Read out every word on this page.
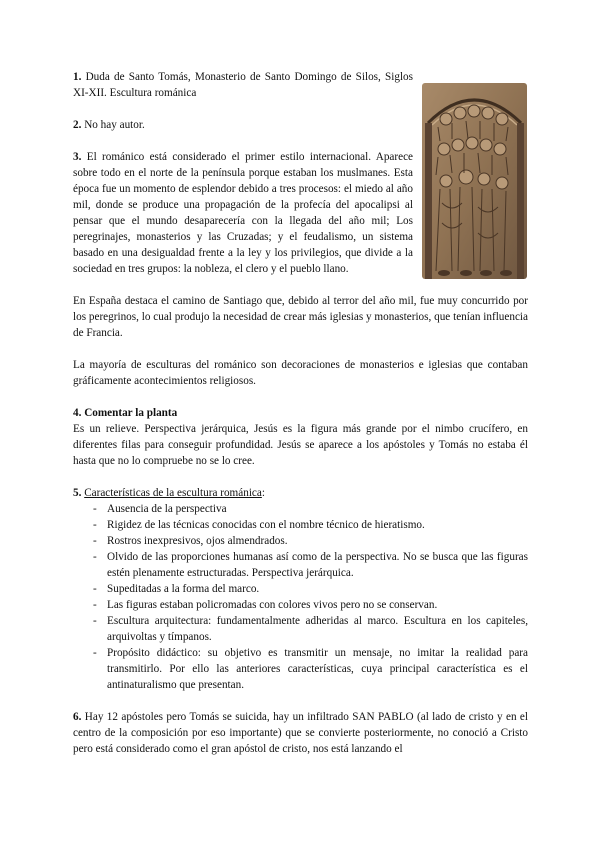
1. Duda de Santo Tomás, Monasterio de Santo Domingo de Silos, Siglos XI-XII. Escultura románica

2. No hay autor.

3. El románico está considerado el primer estilo internacional. Aparece sobre todo en el norte de la península porque estaban los muslmanes. Esta época fue un momento de esplendor debido a tres procesos: el miedo al año mil, donde se produce una propagación de la profecía del apocalipsi al pensar que el mundo desaparecería con la llegada del año mil; Los peregrinajes, monasterios y las Cruzadas; y el feudalismo, un sistema basado en una desigualdad frente a la ley y los privilegios, que divide a la sociedad en tres grupos: la nobleza, el clero y el pueblo llano.

En España destaca el camino de Santiago que, debido al terror del año mil, fue muy concurrido por los peregrinos, lo cual produjo la necesidad de crear más iglesias y monasterios, que tenían influencia de Francia.

La mayoría de esculturas del románico son decoraciones de monasterios e iglesias que contaban gráficamente acontecimientos religiosos.

4. Comentar la planta

Es un relieve. Perspectiva jerárquica, Jesús es la figura más grande por el nimbo crucífero, en diferentes filas para conseguir profundidad. Jesús se aparece a los apóstoles y Tomás no estaba él hasta que no lo compruebe no se lo cree.

5. Características de la escultura románica:

- Ausencia de la perspectiva
- Rigidez de las técnicas conocidas con el nombre técnico de hieratismo.
- Rostros inexpresivos, ojos almendrados.
- Olvido de las proporciones humanas así como de la perspectiva. No se busca que las figuras estén plenamente estructuradas. Perspectiva jerárquica.
- Supeditadas a la forma del marco.
- Las figuras estaban policromadas con colores vivos pero no se conservan.
- Escultura arquitectura: fundamentalmente adheridas al marco. Escultura en los capiteles, arquivoltas y tímpanos.
- Propósito didáctico: su objetivo es transmitir un mensaje, no imitar la realidad para transmitirlo. Por ello las anteriores características, cuya principal característica es el antinaturalismo que presentan.

6. Hay 12 apóstoles pero Tomás se suicida, hay un infiltrado SAN PABLO (al lado de cristo y en el centro de la composición por eso importante) que se convierte posteriormente, no conoció a Cristo pero está considerado como el gran apóstol de cristo, nos está lanzando el
